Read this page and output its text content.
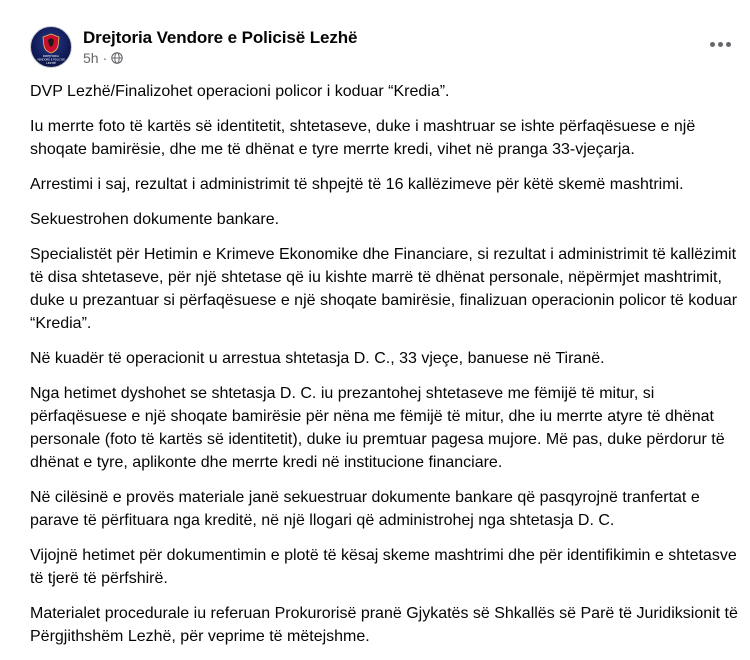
DREJTORIA
VENDORE E POLICISË
LEZHË
Drejtoria Vendore e Policisë Lezhë
5h ·

DVP Lezhë/Finalizohet operacioni policor i koduar “Kredia”.

Iu merrte foto të kartës së identitetit, shtetaseve, duke i mashtruar se ishte përfaqësuese e një shoqate bamirësie, dhe me të dhënat e tyre merrte kredi, vihet në pranga 33-vjeçarja.

Arrestimi i saj, rezultat i administrimit të shpejtë të 16 kallëzimeve për këtë skemë mashtrimi.

Sekuestrohen dokumente bankare.

Specialistët për Hetimin e Krimeve Ekonomike dhe Financiare, si rezultat i administrimit të kallëzimit të disa shtetaseve, për një shtetase që iu kishte marrë të dhënat personale, nëpërmjet mashtrimit, duke u prezantuar si përfaqësuese e një shoqate bamirësie, finalizuan operacionin policor të koduar “Kredia”.

Në kuadër të operacionit u arrestua shtetasja D. C., 33 vjeçe, banuese në Tiranë.

Nga hetimet dyshohet se shtetasja D. C. iu prezantohej shtetaseve me fëmijë të mitur, si përfaqësuese e një shoqate bamirësie për nëna me fëmijë të mitur, dhe iu merrte atyre të dhënat personale (foto të kartës së identitetit), duke iu premtuar pagesa mujore. Më pas, duke përdorur të dhënat e tyre, aplikonte dhe merrte kredi në institucione financiare.

Në cilësinë e provës materiale janë sekuestruar dokumente bankare që pasqyrojnë tranfertat e parave të përfituara nga kreditë, në një llogari që administrohej nga shtetasja D. C.

Vijojnë hetimet për dokumentimin e plotë të kësaj skeme mashtrimi dhe për identifikimin e shtetasve të tjerë të përfshirë.

Materialet procedurale iu referuan Prokurorisë pranë Gjykatës së Shkallës së Parë të Juridiksionit të Përgjithshëm Lezhë, për veprime të mëtejshme.
